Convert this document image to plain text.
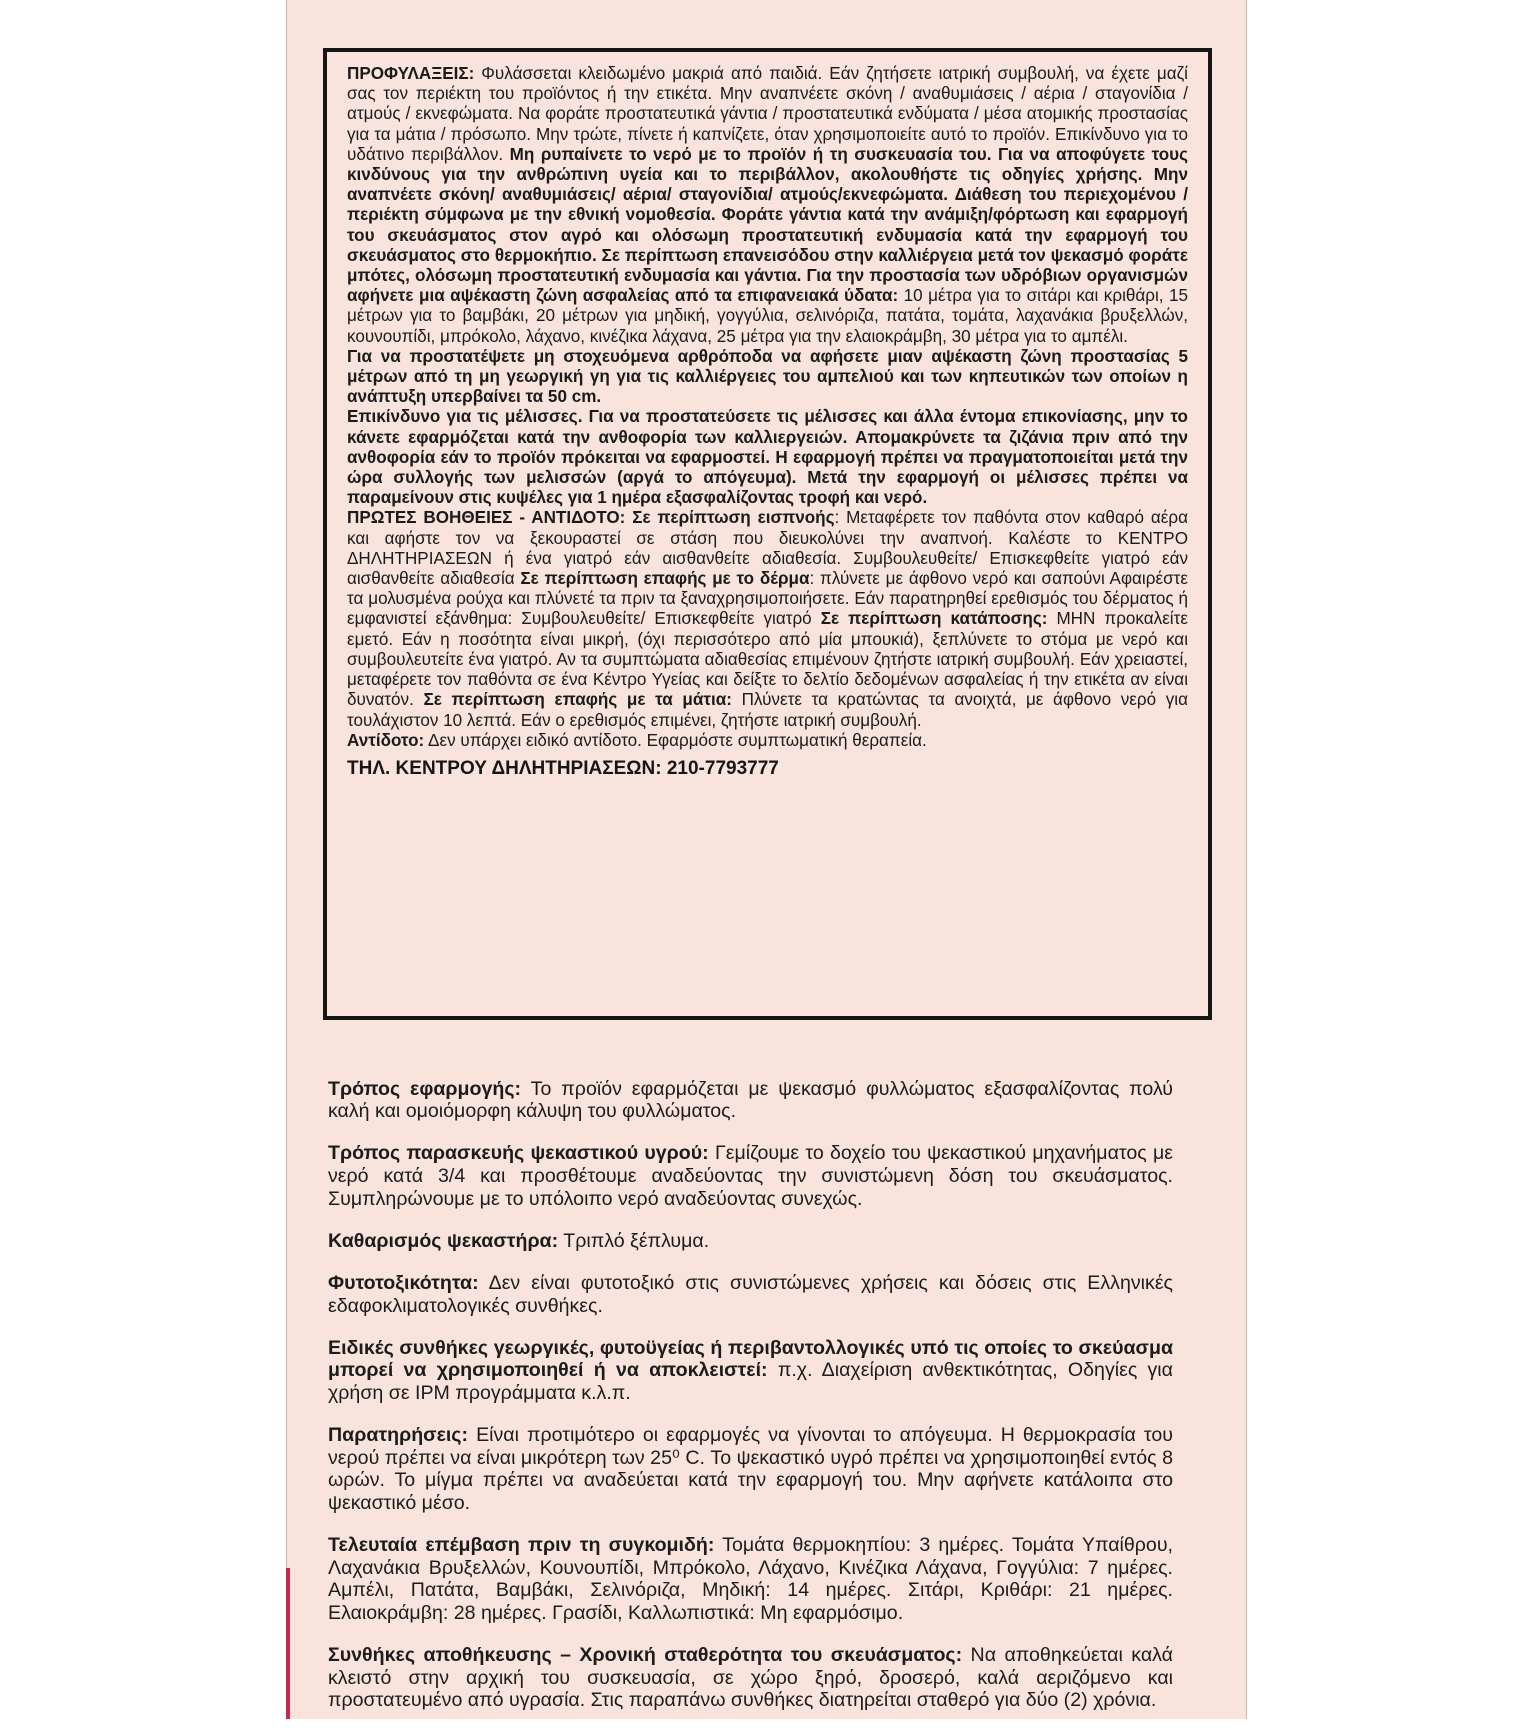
ΠΡΟΦΥΛΑΞΕΙΣ: Φυλάσσεται κλειδωμένο μακριά από παιδιά. Εάν ζητήσετε ιατρική συμβουλή, να έχετε μαζί σας τον περιέκτη του προϊόντος ή την ετικέτα. Μην αναπνέετε σκόνη / αναθυμιάσεις / αέρια / σταγονίδια / ατμούς / εκνεφώματα. Να φοράτε προστατευτικά γάντια / προστατευτικά ενδύματα / μέσα ατομικής προστασίας για τα μάτια / πρόσωπο. Μην τρώτε, πίνετε ή καπνίζετε, όταν χρησιμοποιείτε αυτό το προϊόν. Επικίνδυνο για το υδάτινο περιβάλλον. Μη ρυπαίνετε το νερό με το προϊόν ή τη συσκευασία του. Για να αποφύγετε τους κινδύνους για την ανθρώπινη υγεία και το περιβάλλον, ακολουθήστε τις οδηγίες χρήσης. Μην αναπνέετε σκόνη/ αναθυμιάσεις/ αέρια/ σταγονίδια/ ατμούς/εκνεφώματα. Διάθεση του περιεχομένου / περιέκτη σύμφωνα με την εθνική νομοθεσία. Φοράτε γάντια κατά την ανάμιξη/φόρτωση και εφαρμογή του σκευάσματος στον αγρό και ολόσωμη προστατευτική ενδυμασία κατά την εφαρμογή του σκευάσματος στο θερμοκήπιο. Σε περίπτωση επανεισόδου στην καλλιέργεια μετά τον ψεκασμό φοράτε μπότες, ολόσωμη προστατευτική ενδυμασία και γάντια. Για την προστασία των υδρόβιων οργανισμών αφήνετε μια αψέκαστη ζώνη ασφαλείας από τα επιφανειακά ύδατα: 10 μέτρα για το σιτάρι και κριθάρι, 15 μέτρων για το βαμβάκι, 20 μέτρων για μηδική, γογγύλια, σελινόριζα, πατάτα, τομάτα, λαχανάκια βρυξελλών, κουνουπίδι, μπρόκολο, λάχανο, κινέζικα λάχανα, 25 μέτρα για την ελαιοκράμβη, 30 μέτρα για το αμπέλι.

Για να προστατέψετε μη στοχευόμενα αρθρόποδα να αφήσετε μιαν αψέκαστη ζώνη προστασίας 5 μέτρων από τη μη γεωργική γη για τις καλλιέργειες του αμπελιού και των κηπευτικών των οποίων η ανάπτυξη υπερβαίνει τα 50 cm.

Επικίνδυνο για τις μέλισσες. Για να προστατεύσετε τις μέλισσες και άλλα έντομα επικονίασης, μην το κάνετε εφαρμόζεται κατά την ανθοφορία των καλλιεργειών. Απομακρύνετε τα ζιζάνια πριν από την ανθοφορία εάν το προϊόν πρόκειται να εφαρμοστεί. Η εφαρμογή πρέπει να πραγματοποιείται μετά την ώρα συλλογής των μελισσών (αργά το απόγευμα). Μετά την εφαρμογή οι μέλισσες πρέπει να παραμείνουν στις κυψέλες για 1 ημέρα εξασφαλίζοντας τροφή και νερό.

ΠΡΩΤΕΣ ΒΟΗΘΕΙΕΣ - ΑΝΤΙΔΟΤΟ: Σε περίπτωση εισπνοής: Μεταφέρετε τον παθόντα στον καθαρό αέρα και αφήστε τον να ξεκουραστεί σε στάση που διευκολύνει την αναπνοή. Καλέστε το ΚΕΝΤΡΟ ΔΗΛΗΤΗΡΙΑΣΕΩΝ ή ένα γιατρό εάν αισθανθείτε αδιαθεσία. Συμβουλευθείτε/ Επισκεφθείτε γιατρό εάν αισθανθείτε αδιαθεσία Σε περίπτωση επαφής με το δέρμα: πλύνετε με άφθονο νερό και σαπούνι Αφαιρέστε τα μολυσμένα ρούχα και πλύνετέ τα πριν τα ξαναχρησιμοποιήσετε. Εάν παρατηρηθεί ερεθισμός του δέρματος ή εμφανιστεί εξάνθημα: Συμβουλευθείτε/ Επισκεφθείτε γιατρό Σε περίπτωση κατάποσης: ΜΗΝ προκαλείτε εμετό. Εάν η ποσότητα είναι μικρή, (όχι περισσότερο από μία μπουκιά), ξεπλύνετε το στόμα με νερό και συμβουλευτείτε ένα γιατρό. Αν τα συμπτώματα αδιαθεσίας επιμένουν ζητήστε ιατρική συμβουλή. Εάν χρειαστεί, μεταφέρετε τον παθόντα σε ένα Κέντρο Υγείας και δείξτε το δελτίο δεδομένων ασφαλείας ή την ετικέτα αν είναι δυνατόν. Σε περίπτωση επαφής με τα μάτια: Πλύνετε τα κρατώντας τα ανοιχτά, με άφθονο νερό για τουλάχιστον 10 λεπτά. Εάν ο ερεθισμός επιμένει, ζητήστε ιατρική συμβουλή.

Αντίδοτο: Δεν υπάρχει ειδικό αντίδοτο. Εφαρμόστε συμπτωματική θεραπεία.

ΤΗΛ. ΚΕΝΤΡΟΥ ΔΗΛΗΤΗΡΙΑΣΕΩΝ: 210-7793777

Τρόπος εφαρμογής: Το προϊόν εφαρμόζεται με ψεκασμό φυλλώματος εξασφαλίζοντας πολύ καλή και ομοιόμορφη κάλυψη του φυλλώματος.

Τρόπος παρασκευής ψεκαστικού υγρού: Γεμίζουμε το δοχείο του ψεκαστικού μηχανήματος με νερό κατά 3/4 και προσθέτουμε αναδεύοντας την συνιστώμενη δόση του σκευάσματος. Συμπληρώνουμε με το υπόλοιπο νερό αναδεύοντας συνεχώς.

Καθαρισμός ψεκαστήρα: Τριπλό ξέπλυμα.

Φυτοτοξικότητα: Δεν είναι φυτοτοξικό στις συνιστώμενες χρήσεις και δόσεις στις Ελληνικές εδαφοκλιματολογικές συνθήκες.

Ειδικές συνθήκες γεωργικές, φυτοϋγείας ή περιβαντολλογικές υπό τις οποίες το σκεύασμα μπορεί να χρησιμοποιηθεί ή να αποκλειστεί: π.χ. Διαχείριση ανθεκτικότητας, Οδηγίες για χρήση σε IPM προγράμματα κ.λ.π.

Παρατηρήσεις: Είναι προτιμότερο οι εφαρμογές να γίνονται το απόγευμα. Η θερμοκρασία του νερού πρέπει να είναι μικρότερη των 25⁰ C. Το ψεκαστικό υγρό πρέπει να χρησιμοποιηθεί εντός 8 ωρών. Το μίγμα πρέπει να αναδεύεται κατά την εφαρμογή του. Μην αφήνετε κατάλοιπα στο ψεκαστικό μέσο.

Τελευταία επέμβαση πριν τη συγκομιδή: Τομάτα θερμοκηπίου: 3 ημέρες. Τομάτα Υπαίθρου, Λαχανάκια Βρυξελλών, Κουνουπίδι, Μπρόκολο, Λάχανο, Κινέζικα Λάχανα, Γογγύλια: 7 ημέρες. Αμπέλι, Πατάτα, Βαμβάκι, Σελινόριζα, Μηδική: 14 ημέρες. Σιτάρι, Κριθάρι: 21 ημέρες. Ελαιοκράμβη: 28 ημέρες. Γρασίδι, Καλλωπιστικά: Μη εφαρμόσιμο.

Συνθήκες αποθήκευσης – Χρονική σταθερότητα του σκευάσματος: Να αποθηκεύεται καλά κλειστό στην αρχική του συσκευασία, σε χώρο ξηρό, δροσερό, καλά αεριζόμενο και προστατευμένο από υγρασία. Στις παραπάνω συνθήκες διατηρείται σταθερό για δύο (2) χρόνια.
